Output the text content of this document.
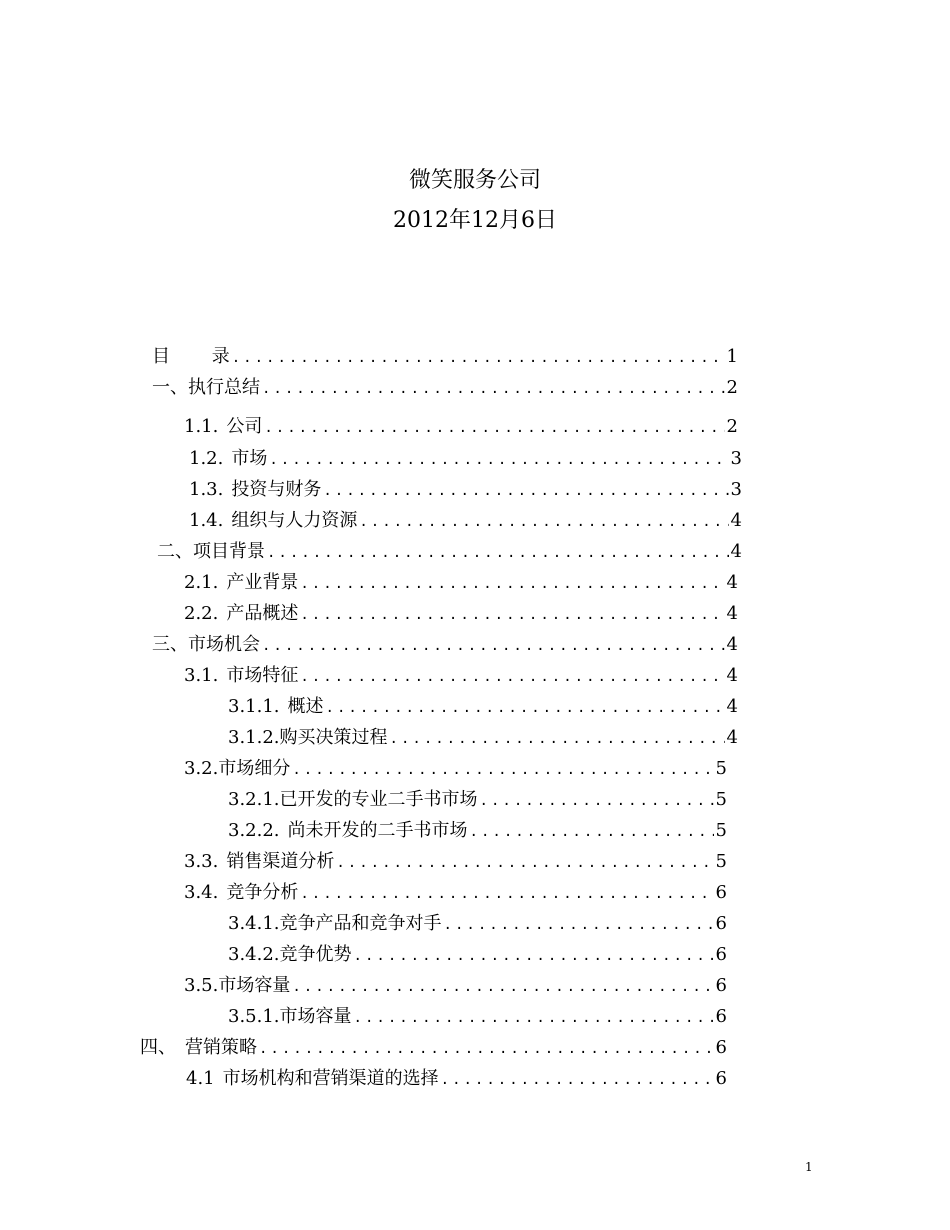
微笑服务公司
2012年12月6日
目　　 录 .....	1
一、执行总结 .....	2
1.1. 公司 .....	2
1.2. 市场 .....	3
1.3. 投资与财务 .....	3
1.4. 组织与人力资源 .....	4
二、项目背景 .....	4
2.1. 产业背景 .....	4
2.2. 产品概述 .....	4
三、市场机会 .....	4
3.1. 市场特征 .....	4
3.1.1. 概述 .....	4
3.1.2.购买决策过程 .....	4
3.2.市场细分 .....	5
3.2.1.已开发的专业二手书市场 .....	5
3.2.2. 尚未开发的二手书市场 .....	5
3.3. 销售渠道分析 .....	5
3.4. 竞争分析 .....	6
3.4.1.竞争产品和竞争对手 .....	6
3.4.2.竞争优势 .....	6
3.5.市场容量 .....	6
3.5.1.市场容量 .....	6
四、　营销策略 .....	6
4.1 市场机构和营销渠道的选择 .....	6
1
